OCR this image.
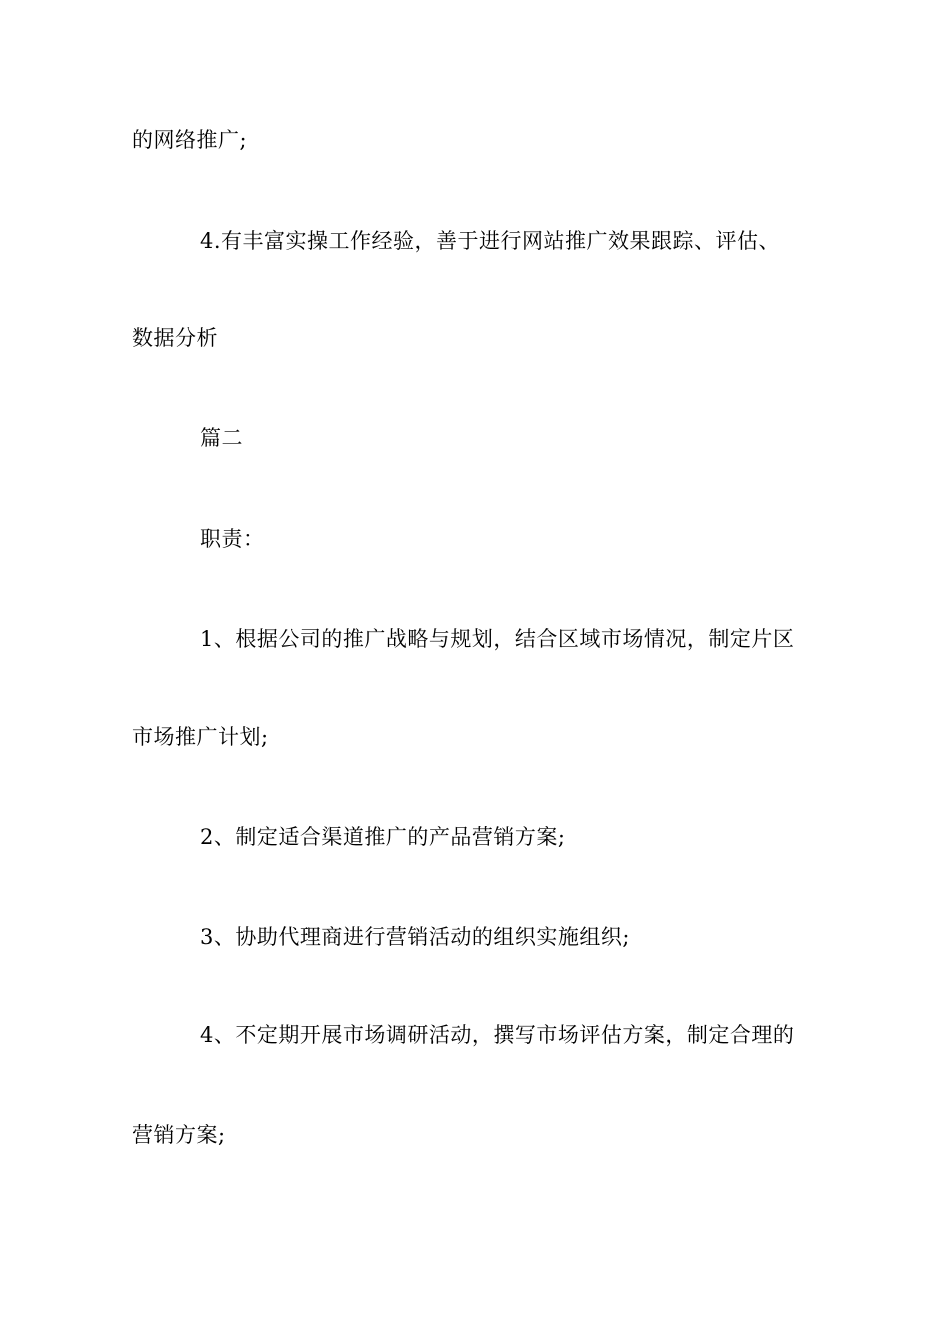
的网络推广;
4.有丰富实操工作经验，善于进行网站推广效果跟踪、评估、
数据分析
篇二
职责：
1、根据公司的推广战略与规划，结合区域市场情况，制定片区
市场推广计划;
2、制定适合渠道推广的产品营销方案;
3、协助代理商进行营销活动的组织实施组织;
4、不定期开展市场调研活动，撰写市场评估方案，制定合理的
营销方案;
